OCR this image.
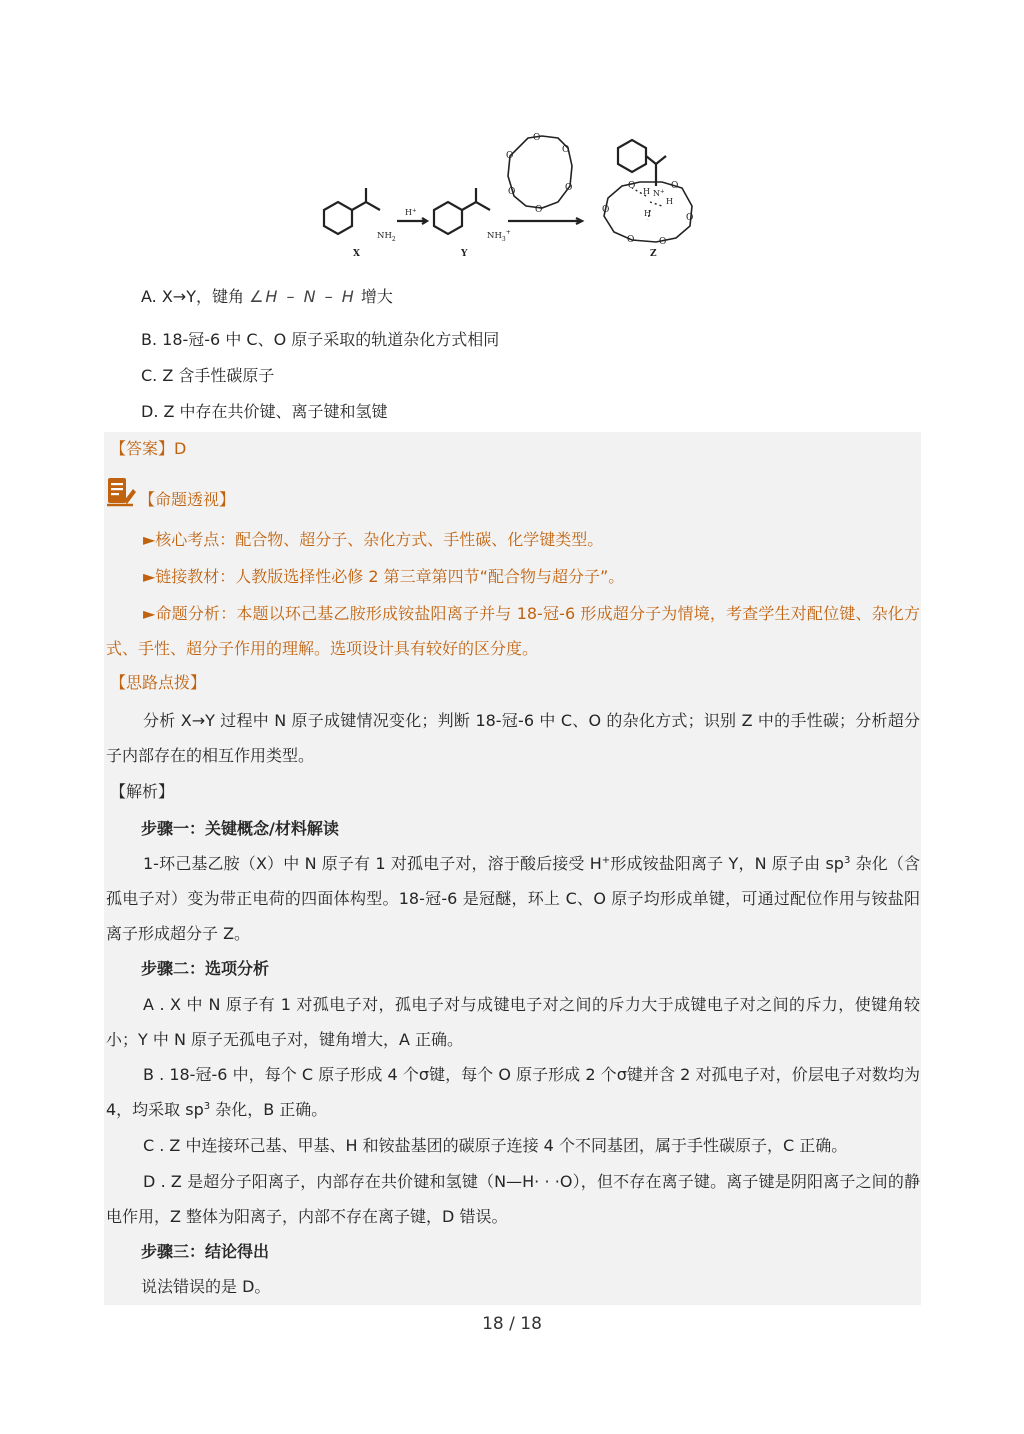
$NH_2$	$NH_3^+$
H+
X	Y	Z
O
O
O
O
O
O
O	O
O
O
O
O
H N+
H
H
A. X→Y，键角 ∠H – N – H 增大
B. 18-冠-6 中 C、O 原子采取的轨道杂化方式相同
C. Z 含手性碳原子
D. Z 中存在共价键、离子键和氢键
【答案】D
【命题透视】
►核心考点：配合物、超分子、杂化方式、手性碳、化学键类型。
►链接教材：人教版选择性必修 2 第三章第四节“配合物与超分子”。
►命题分析：本题以环己基乙胺形成铵盐阳离子并与 18-冠-6 形成超分子为情境，考查学生对配位键、杂化方式、手性、超分子作用的理解。选项设计具有较好的区分度。
【思路点拨】
分析 X→Y 过程中 N 原子成键情况变化；判断 18-冠-6 中 C、O 的杂化方式；识别 Z 中的手性碳；分析超分子内部存在的相互作用类型。
【解析】
步骤一：关键概念/材料解读
1-环己基乙胺（X）中 N 原子有 1 对孤电子对，溶于酸后接受 H+形成铵盐阳离子 Y，N 原子由 $sp^3$ 杂化（含孤电子对）变为带正电荷的四面体构型。18-冠-6 是冠醚，环上 C、O 原子均形成单键，可通过配位作用与铵盐阳离子形成超分子 Z。
步骤二：选项分析
A . X 中 N 原子有 1 对孤电子对，孤电子对与成键电子对之间的斥力大于成键电子对之间的斥力，使键角较小；Y 中 N 原子无孤电子对，键角增大，A 正确。
B . 18-冠-6 中，每个 C 原子形成 4 个σ键，每个 O 原子形成 2 个σ键并含 2 对孤电子对，价层电子对数均为 4，均采取 $sp^3$ 杂化，B 正确。
C . Z 中连接环己基、甲基、H 和铵盐基团的碳原子连接 4 个不同基团，属于手性碳原子，C 正确。
D . Z 是超分子阳离子，内部存在共价键和氢键（N—H· · ·O），但不存在离子键。离子键是阴阳离子之间的静电作用，Z 整体为阳离子，内部不存在离子键，D 错误。
步骤三：结论得出
说法错误的是 D。
18 / 18
